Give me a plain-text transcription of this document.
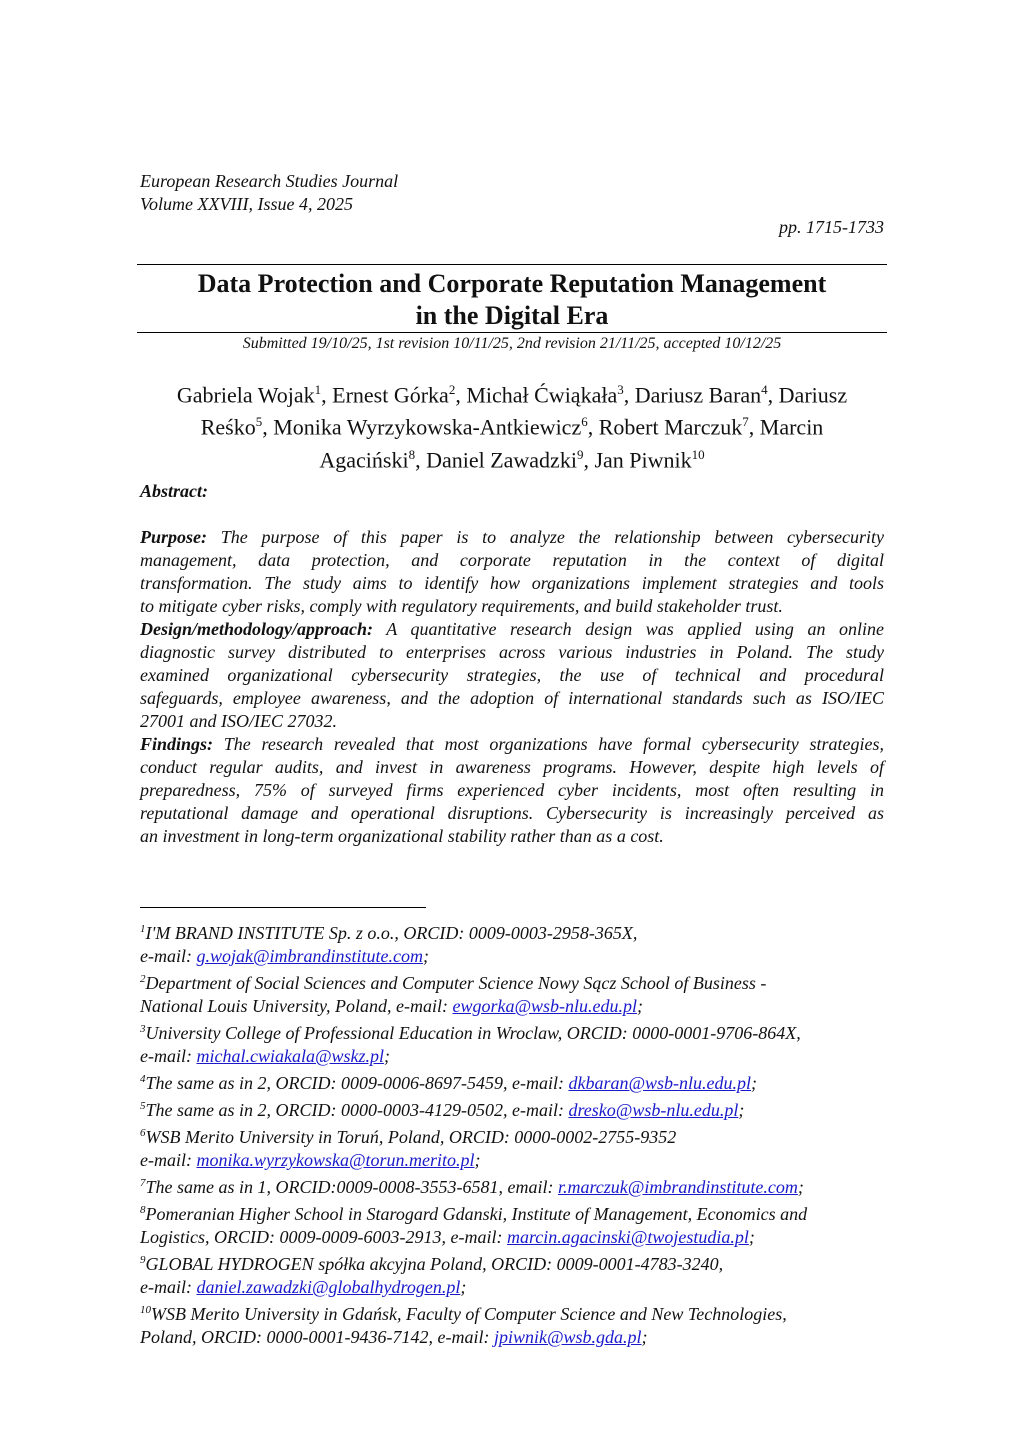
European Research Studies Journal
Volume XXVIII, Issue 4, 2025
pp. 1715-1733
Data Protection and Corporate Reputation Management
in the Digital Era
Submitted 19/10/25, 1st revision 10/11/25, 2nd revision 21/11/25, accepted 10/12/25
Gabriela Wojak$^1$, Ernest Górka$^2$, Michał Ćwiąkała$^3$, Dariusz Baran$^4$, Dariusz
Reśko$^5$, Monika Wyrzykowska-Antkiewicz$^6$, Robert Marczuk$^7$, Marcin
Agaciński$^8$, Daniel Zawadzki$^9$, Jan Piwnik$^{10}$
Abstract:
Purpose: The purpose of this paper is to analyze the relationship between cybersecurity
management, data protection, and corporate reputation in the context of digital
transformation. The study aims to identify how organizations implement strategies and tools
to mitigate cyber risks, comply with regulatory requirements, and build stakeholder trust.
Design/methodology/approach: A quantitative research design was applied using an online
diagnostic survey distributed to enterprises across various industries in Poland. The study
examined organizational cybersecurity strategies, the use of technical and procedural
safeguards, employee awareness, and the adoption of international standards such as ISO/IEC
27001 and ISO/IEC 27032.
Findings: The research revealed that most organizations have formal cybersecurity strategies,
conduct regular audits, and invest in awareness programs. However, despite high levels of
preparedness, 75% of surveyed firms experienced cyber incidents, most often resulting in
reputational damage and operational disruptions. Cybersecurity is increasingly perceived as
an investment in long-term organizational stability rather than as a cost.
$^1$I'M BRAND INSTITUTE Sp. z o.o., ORCID: 0009-0003-2958-365X,
e-mail: g.wojak@imbrandinstitute.com;
$^2$Department of Social Sciences and Computer Science Nowy Sącz School of Business -
National Louis University, Poland, e-mail: ewgorka@wsb-nlu.edu.pl;
$^3$University College of Professional Education in Wroclaw, ORCID: 0000-0001-9706-864X,
e-mail: michal.cwiakala@wskz.pl;
$^4$The same as in 2, ORCID: 0009-0006-8697-5459, e-mail: dkbaran@wsb-nlu.edu.pl;
$^5$The same as in 2, ORCID: 0000-0003-4129-0502, e-mail: dresko@wsb-nlu.edu.pl;
$^6$WSB Merito University in Toruń, Poland, ORCID: 0000-0002-2755-9352
e-mail: monika.wyrzykowska@torun.merito.pl;
$^7$The same as in 1, ORCID:0009-0008-3553-6581, email: r.marczuk@imbrandinstitute.com;
$^8$Pomeranian Higher School in Starogard Gdanski, Institute of Management, Economics and
Logistics, ORCID: 0009-0009-6003-2913, e-mail: marcin.agacinski@twojestudia.pl;
$^9$GLOBAL HYDROGEN spółka akcyjna Poland, ORCID: 0009-0001-4783-3240,
e-mail: daniel.zawadzki@globalhydrogen.pl;
$^{10}$WSB Merito University in Gdańsk, Faculty of Computer Science and New Technologies,
Poland, ORCID: 0000-0001-9436-7142, e-mail: jpiwnik@wsb.gda.pl;
